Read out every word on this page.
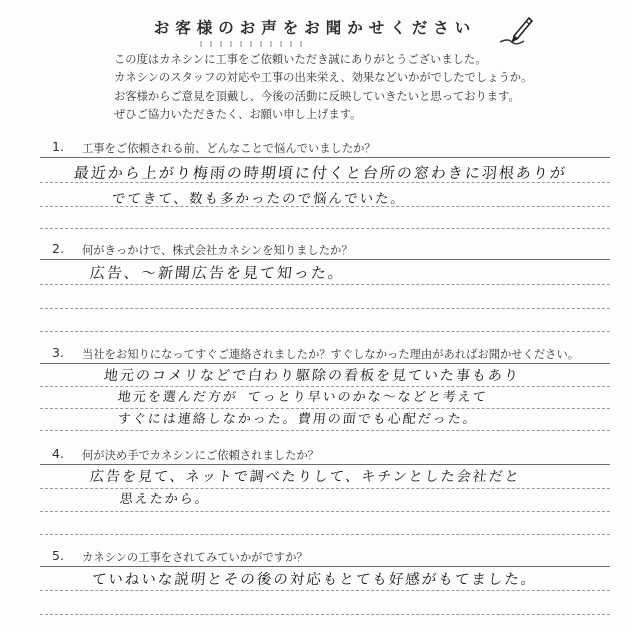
お客様のお声をお聞かせください
この度はカネシンに工事をご依頼いただき誠にありがとうございました。
カネシンのスタッフの対応や工事の出来栄え、効果などいかがでしたでしょうか。
お客様からご意見を頂戴し、今後の活動に反映していきたいと思っております。
ぜひご協力いただきたく、お願い申し上げます。
1. 工事をご依頼される前、どんなことで悩んでいましたか？
最近から上がり梅雨の時期頃に付くと台所の窓わきに羽根ありが
でてきて、数も多かったので悩んでいた。
2. 何がきっかけで、株式会社カネシンを知りましたか？
広告、〜新聞広告を見て知った。
3. 当社をお知りになってすぐご連絡されましたか？すぐしなかった理由があればお聞かせください。
地元のコメリなどで白わり駆除の看板を見ていた事もあり
地元を選んだ方が てっとり早いのかな〜などと考えて
すぐには連絡しなかった。費用の面でも心配だった。
4. 何が決め手でカネシンにご依頼されましたか？
広告を見て、ネットで調べたりして、キチンとした会社だと
思えたから。
5. カネシンの工事をされてみていかがですか？
ていねいな説明とその後の対応もとても好感がもてました。
